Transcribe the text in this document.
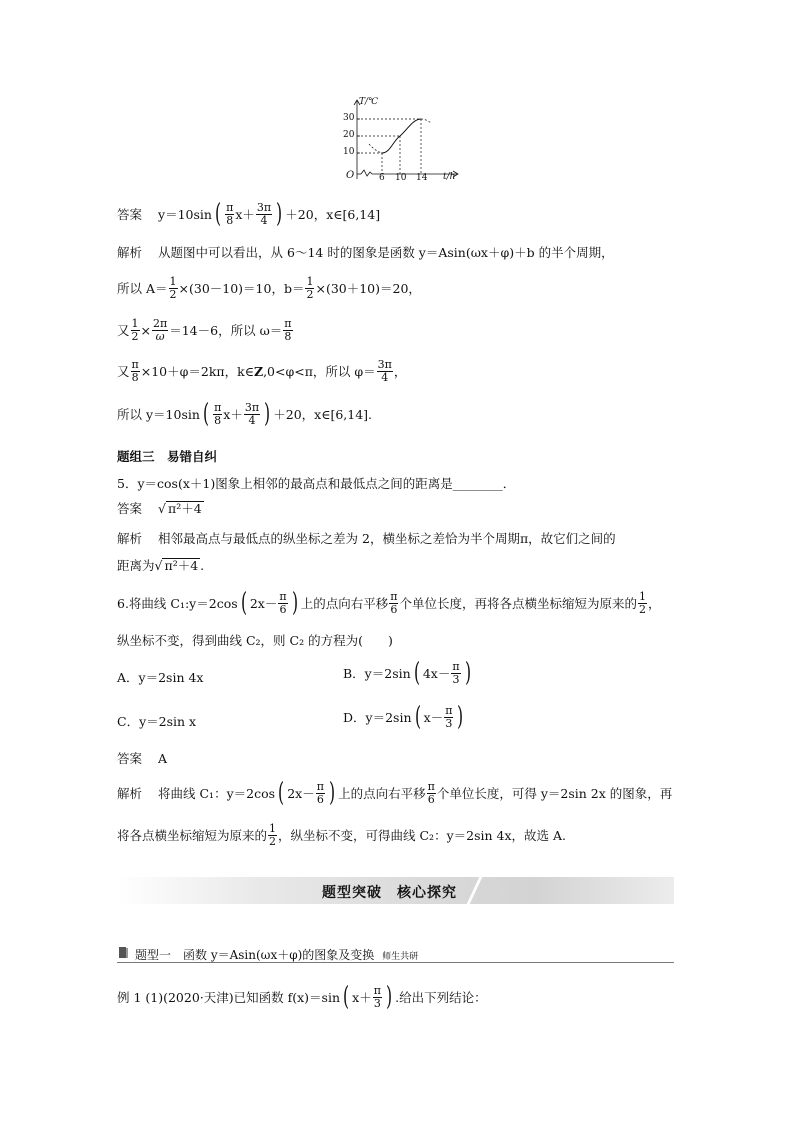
T/℃
t/h
O
30
20
10
6 10 14
答案 y＝10sin ( $\frac{\pi}{8} x+ \frac{3\pi}{4}$ ) ＋20，x∈[6,14]
解析 从题图中可以看出，从 6～14 时的图象是函数 y＝Asin(ωx＋φ)＋b 的半个周期，
所以 $A= \frac{1}{2} \times(30-10)=10$，$b= \frac{1}{2} \times(30+10)=20$，
又 $\frac{1}{2} \times \frac{2\pi}{\omega} =14-6$，所以 $\omega= \frac{\pi}{8}$
又 $\frac{\pi}{8} \times 10+\varphi=2k\pi$，k∈ Z ,0<φ<π，所以 $\varphi= \frac{3\pi}{4}$ ，
所以 y＝10sin ( $\frac{\pi}{8} x+ \frac{3\pi}{4}$ ) ＋20，x∈[6,14].
题组三　易错自纠
5．y＝cos(x＋1)图象上相邻的最高点和最低点之间的距离是________．
答案 √ π²＋4
解析 相邻最高点与最低点的纵坐标之差为 2，横坐标之差恰为半个周期π，故它们之间的
距离为 √ π²＋4 .
6.将曲线 C₁:y＝2cos ( $2x- \frac{\pi}{6}$ ) 上的点向右平移 $\frac{\pi}{6}$ 个单位长度，再将各点横坐标缩短为原来的 $\frac{1}{2}$ ，
纵坐标不变，得到曲线 C₂，则 C₂ 的方程为(　　)
A．y＝2sin 4x	B．y＝2sin ( $4x- \frac{\pi}{3}$ )
C．y＝2sin x	D．y＝2sin ( $x- \frac{\pi}{3}$ )
答案 A
解析 将曲线 C₁：y＝2cos ( $2x- \frac{\pi}{6}$ ) 上的点向右平移 $\frac{\pi}{6}$ 个单位长度，可得 y＝2sin 2x 的图象，再
将各点横坐标缩短为原来的 $\frac{1}{2}$ ，纵坐标不变，可得曲线 C₂：y＝2sin 4x，故选 A.
题型突破　核心探究
题型一　函数 y＝Asin(ωx＋φ)的图象及变换 师生共研
例 1 (1)(2020·天津)已知函数 f(x)＝sin ( $x+ \frac{\pi}{3}$ ) .给出下列结论：
